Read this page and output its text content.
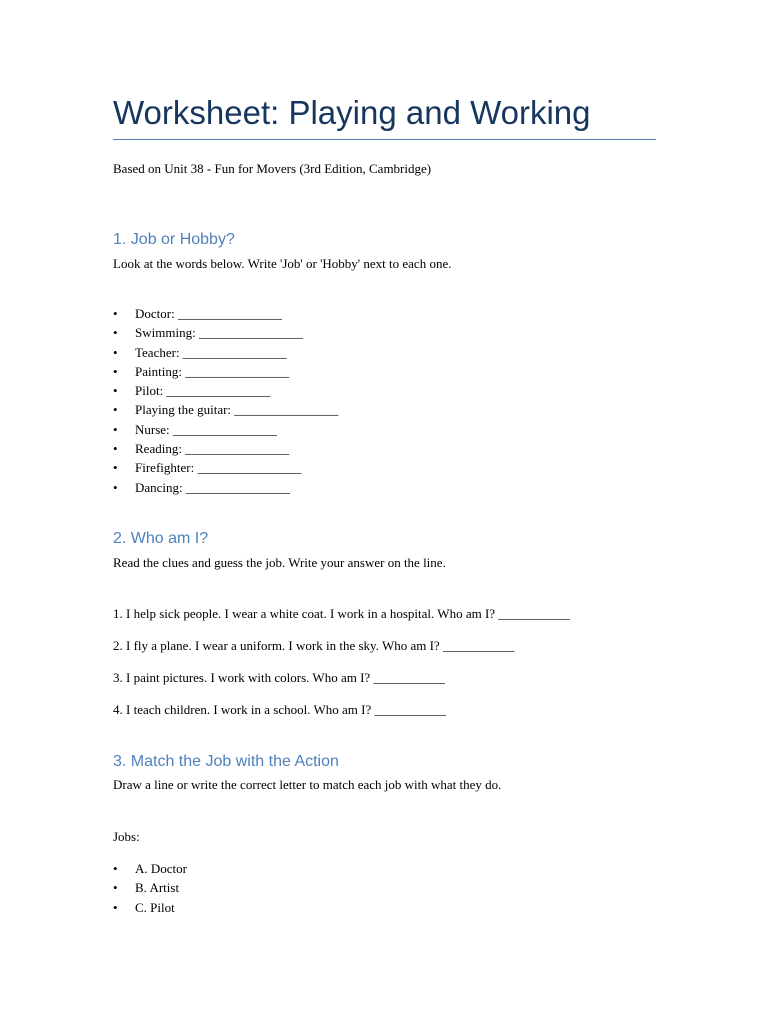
Worksheet: Playing and Working
Based on Unit 38 - Fun for Movers (3rd Edition, Cambridge)
1. Job or Hobby?
Look at the words below. Write 'Job' or 'Hobby' next to each one.
• Doctor: ________________
• Swimming: ________________
• Teacher: ________________
• Painting: ________________
• Pilot: ________________
• Playing the guitar: ________________
• Nurse: ________________
• Reading: ________________
• Firefighter: ________________
• Dancing: ________________
2. Who am I?
Read the clues and guess the job. Write your answer on the line.
1. I help sick people. I wear a white coat. I work in a hospital. Who am I? ___________
2. I fly a plane. I wear a uniform. I work in the sky. Who am I? ___________
3. I paint pictures. I work with colors. Who am I? ___________
4. I teach children. I work in a school. Who am I? ___________
3. Match the Job with the Action
Draw a line or write the correct letter to match each job with what they do.
Jobs:
• A. Doctor
• B. Artist
• C. Pilot
